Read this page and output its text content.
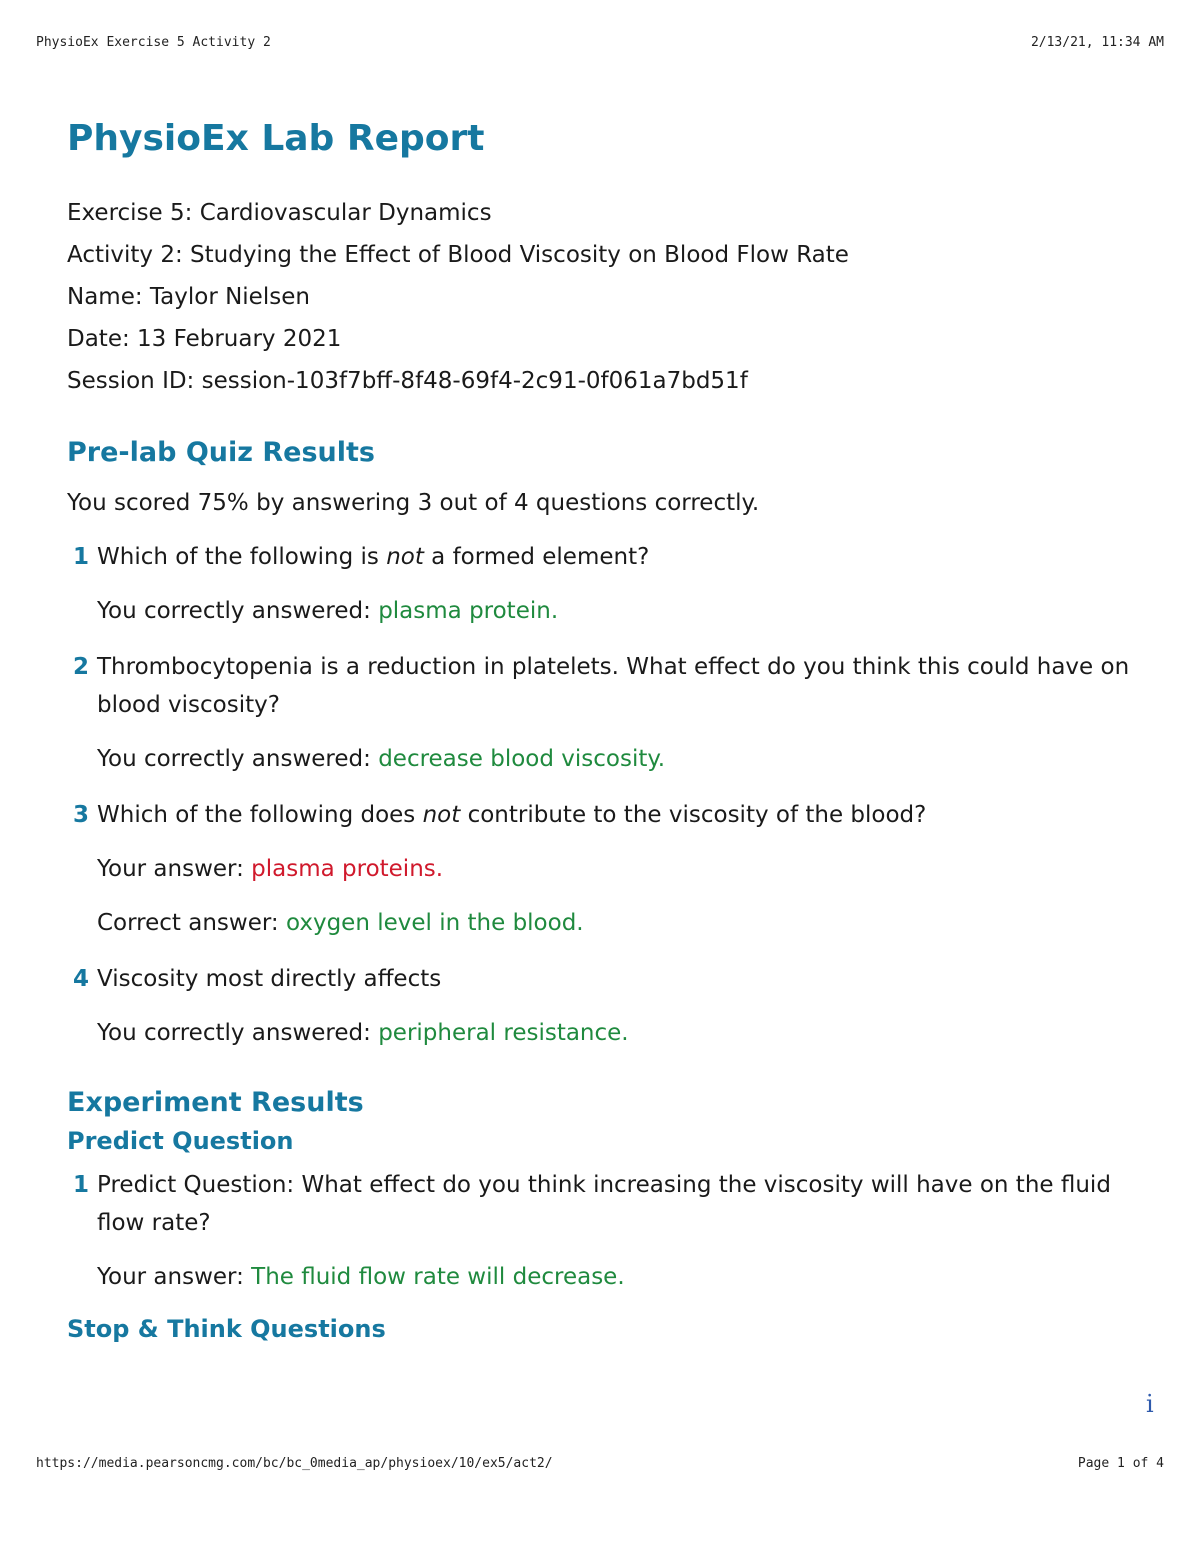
PhysioEx Exercise 5 Activity 2	2/13/21, 11:34 AM
PhysioEx Lab Report
Exercise 5: Cardiovascular Dynamics
Activity 2: Studying the Effect of Blood Viscosity on Blood Flow Rate
Name: Taylor Nielsen
Date: 13 February 2021
Session ID: session-103f7bff-8f48-69f4-2c91-0f061a7bd51f
Pre-lab Quiz Results
You scored 75% by answering 3 out of 4 questions correctly.
1 Which of the following is not a formed element?
You correctly answered: plasma protein.
2 Thrombocytopenia is a reduction in platelets. What effect do you think this could have on blood viscosity?
You correctly answered: decrease blood viscosity.
3 Which of the following does not contribute to the viscosity of the blood?
Your answer: plasma proteins.
Correct answer: oxygen level in the blood.
4 Viscosity most directly affects
You correctly answered: peripheral resistance.
Experiment Results
Predict Question
1 Predict Question: What effect do you think increasing the viscosity will have on the fluid flow rate?
Your answer: The fluid flow rate will decrease.
Stop & Think Questions
i
https://media.pearsoncmg.com/bc/bc_0media_ap/physioex/10/ex5/act2/	Page 1 of 4
